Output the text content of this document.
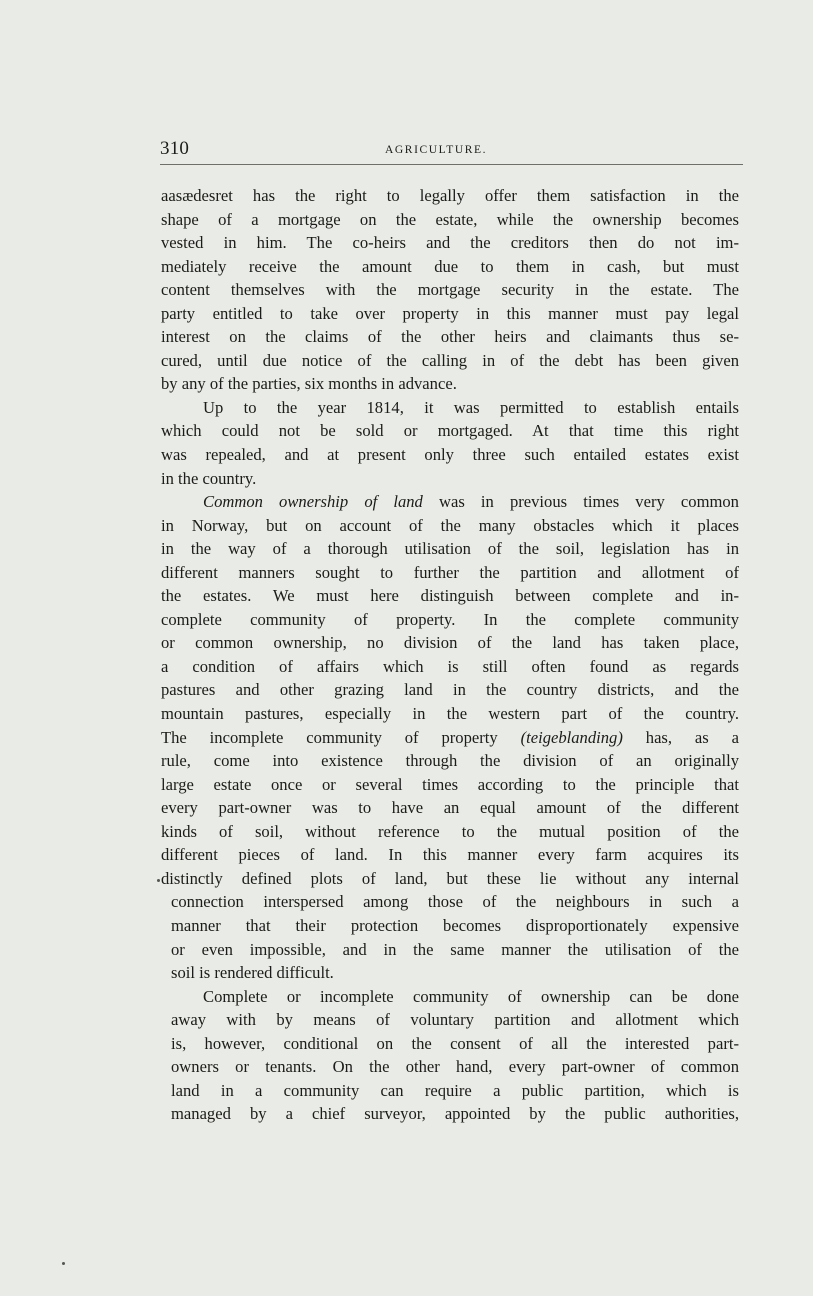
310	AGRICULTURE.
aasædesret has the right to legally offer them satisfaction in the
shape of a mortgage on the estate, while the ownership becomes
vested in him. The co-heirs and the creditors then do not im-
mediately receive the amount due to them in cash, but must
content themselves with the mortgage security in the estate. The
party entitled to take over property in this manner must pay legal
interest on the claims of the other heirs and claimants thus se-
cured, until due notice of the calling in of the debt has been given
by any of the parties, six months in advance.
Up to the year 1814, it was permitted to establish entails
which could not be sold or mortgaged. At that time this right
was repealed, and at present only three such entailed estates exist
in the country.
Common ownership of land was in previous times very common
in Norway, but on account of the many obstacles which it places
in the way of a thorough utilisation of the soil, legislation has in
different manners sought to further the partition and allotment of
the estates. We must here distinguish between complete and in-
complete community of property. In the complete community
or common ownership, no division of the land has taken place,
a condition of affairs which is still often found as regards
pastures and other grazing land in the country districts, and the
mountain pastures, especially in the western part of the country.
The incomplete community of property (teigeblanding) has, as a
rule, come into existence through the division of an originally
large estate once or several times according to the principle that
every part-owner was to have an equal amount of the different
kinds of soil, without reference to the mutual position of the
different pieces of land. In this manner every farm acquires its
distinctly defined plots of land, but these lie without any internal
connection interspersed among those of the neighbours in such a
manner that their protection becomes disproportionately expensive
or even impossible, and in the same manner the utilisation of the
soil is rendered difficult.
Complete or incomplete community of ownership can be done
away with by means of voluntary partition and allotment which
is, however, conditional on the consent of all the interested part-
owners or tenants. On the other hand, every part-owner of common
land in a community can require a public partition, which is
managed by a chief surveyor, appointed by the public authorities,
